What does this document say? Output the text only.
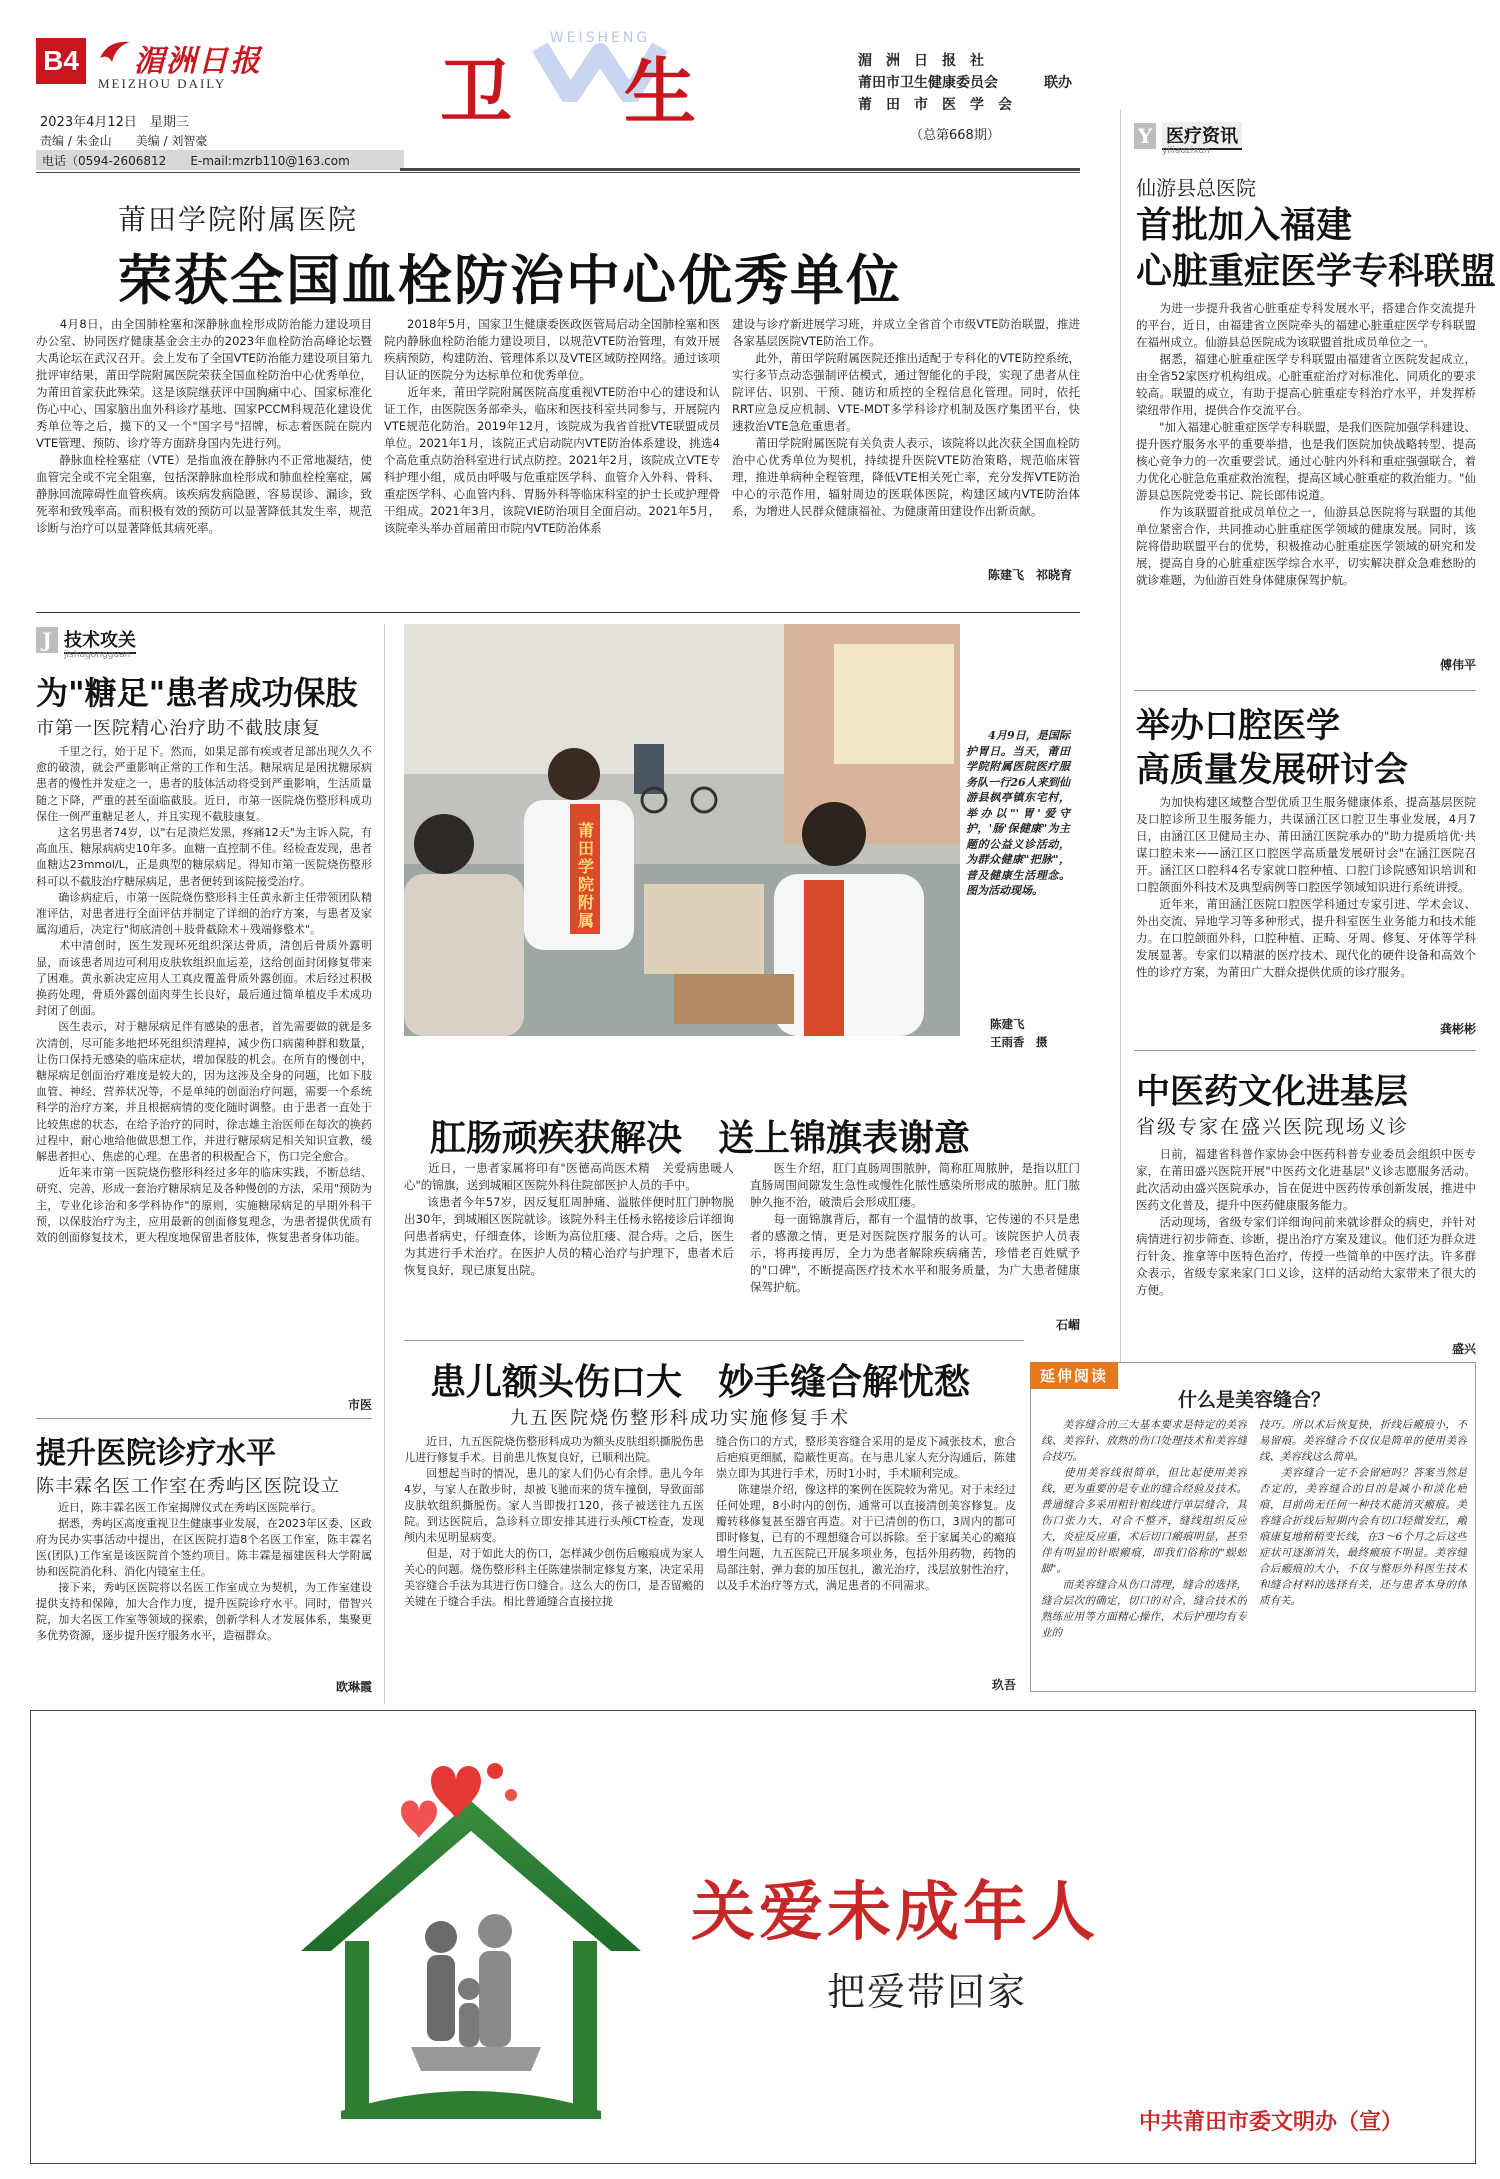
B4 湄洲日报
MEIZHOU DAILY
2023年4月12日　星期三
责编 / 朱金山　　美编 / 刘智豪
电话（0594-2606812　　E-mail:mzrb110@163.com
WEISHENG
卫　生	湄　洲　日　报　社
莆田市卫生健康委员会
莆　田　市　医　学　会
联办
（总第668期）
莆田学院附属医院
荣获全国血栓防治中心优秀单位
　　4月8日，由全国肺栓塞和深静脉血栓形成防治能力建设项目办公室、协同医疗健康基金会主办的2023年血栓防治高峰论坛暨大禹论坛在武汉召开。会上发布了全国VTE防治能力建设项目第九批评审结果，莆田学院附属医院荣获全国血栓防治中心优秀单位，为莆田首家获此殊荣。这是该院继获评中国胸痛中心、国家标准化伤心中心、国家脑出血外科诊疗基地、国家PCCM科规范化建设优秀单位等之后，揽下的又一个"国字号"招牌，标志着医院在院内VTE管理、预防、诊疗等方面跻身国内先进行列。
　　静脉血栓栓塞症（VTE）是指血液在静脉内不正常地凝结，使血管完全或不完全阻塞，包括深静脉血栓形成和肺血栓栓塞症，属静脉回流障碍性血管疾病。该疾病发病隐匿，容易误诊、漏诊，致死率和致残率高。而积极有效的预防可以显著降低其发生率，规范诊断与治疗可以显著降低其病死率。
　　2018年5月，国家卫生健康委医政医管局启动全国肺栓塞和医院内静脉血栓防治能力建设项目，以规范VTE防治管理，有效开展疾病预防，构建防治、管理体系以及VTE区域防控网络。通过该项目认证的医院分为达标单位和优秀单位。
　　近年来，莆田学院附属医院高度重视VTE防治中心的建设和认证工作，由医院医务部牵头，临床和医技科室共同参与，开展院内VTE规范化防治。2019年12月，该院成为我省首批VTE联盟成员单位。2021年1月，该院正式启动院内VTE防治体系建设，挑选4个高危重点防治科室进行试点防控。2021年2月，该院成立VTE专科护理小组，成员由呼吸与危重症医学科、血管介入外科、骨科、重症医学科、心血管内科、胃肠外科等临床科室的护士长或护理骨干组成。2021年3月，该院VIE防治项目全面启动。2021年5月，该院牵头举办首届莆田市院内VTE防治体系
建设与诊疗新进展学习班，并成立全省首个市级VTE防治联盟，推进各家基层医院VTE防治工作。
　　此外，莆田学院附属医院还推出适配于专科化的VTE防控系统，实行多节点动态强制评估模式，通过智能化的手段，实现了患者从住院评估、识别、干预、随访和质控的全程信息化管理。同时，依托RRT应急反应机制、VTE-MDT多学科诊疗机制及医疗集团平台，快速救治VTE急危重患者。
　　莆田学院附属医院有关负责人表示，该院将以此次获全国血栓防治中心优秀单位为契机，持续提升医院VTE防治策略，规范临床管理，推进单病种全程管理，降低VTE相关死亡率，充分发挥VTE防治中心的示范作用，辐射周边的医联体医院，构建区域内VTE防治体系，为增进人民群众健康福祉、为健康莆田建设作出新贡献。
陈建飞　祁晓育
Y 医疗资讯
yiliaozixun
仙游县总医院
首批加入福建
心脏重症医学专科联盟
　　为进一步提升我省心脏重症专科发展水平，搭建合作交流提升的平台，近日，由福建省立医院牵头的福建心脏重症医学专科联盟在福州成立。仙游县总医院成为该联盟首批成员单位之一。
　　据悉，福建心脏重症医学专科联盟由福建省立医院发起成立，由全省52家医疗机构组成。心脏重症治疗对标准化、同质化的要求较高。联盟的成立，有助于提高心脏重症专科治疗水平，并发挥桥梁纽带作用，提供合作交流平台。
　　"加入福建心脏重症医学专科联盟，是我们医院加强学科建设、提升医疗服务水平的重要举措，也是我们医院加快战略转型、提高核心竞争力的一次重要尝试。通过心脏内外科和重症强强联合，着力优化心脏急危重症救治流程，提高区域心脏重症的救治能力。"仙游县总医院党委书记、院长郎伟说道。
　　作为该联盟首批成员单位之一，仙游县总医院将与联盟的其他单位紧密合作，共同推动心脏重症医学领域的健康发展。同时，该院将借助联盟平台的优势，积极推动心脏重症医学领域的研究和发展，提高自身的心脏重症医学综合水平，切实解决群众急难愁盼的就诊难题，为仙游百姓身体健康保驾护航。
傅伟平
举办口腔医学
高质量发展研讨会
　　为加快构建区域整合型优质卫生服务健康体系，提高基层医院及口腔诊所卫生服务能力，共谋涵江区口腔卫生事业发展，4月7日，由涵江区卫健局主办、莆田涵江医院承办的"助力提质培优·共谋口腔未来——涵江区口腔医学高质量发展研讨会"在涵江医院召开。涵江区口腔科4名专家就口腔种植、口腔门诊院感知识培训和口腔颌面外科技术及典型病例等口腔医学领域知识进行系统讲授。
　　近年来，莆田涵江医院口腔医学科通过专家引进、学术会议、外出交流、异地学习等多种形式，提升科室医生业务能力和技术能力。在口腔颌面外科，口腔种植、正畸、牙周、修复、牙体等学科发展显著。专家们以精湛的医疗技术、现代化的硬件设备和高效个性的诊疗方案，为莆田广大群众提供优质的诊疗服务。
龚彬彬
中医药文化进基层
省级专家在盛兴医院现场义诊
　　日前，福建省科普作家协会中医药科普专业委员会组织中医专家，在莆田盛兴医院开展"中医药文化进基层"义诊志愿服务活动。此次活动由盛兴医院承办，旨在促进中医药传承创新发展，推进中医药文化普及，提升中医药健康服务能力。
　　活动现场，省级专家们详细询问前来就诊群众的病史，并针对病情进行初步筛查、诊断，提出治疗方案及建议。他们还为群众进行针灸、推拿等中医特色治疗，传授一些简单的中医疗法。许多群众表示，省级专家来家门口义诊，这样的活动给大家带来了很大的方便。
盛兴
J 技术攻关
jishugongguan
为"糖足"患者成功保肢
市第一医院精心治疗助不截肢康复
　　千里之行，始于足下。然而，如果足部有疾或者足部出现久久不愈的破溃，就会严重影响正常的工作和生活。糖尿病足是困扰糖尿病患者的慢性并发症之一，患者的肢体活动将受到严重影响，生活质量随之下降，严重的甚至面临截肢。近日，市第一医院烧伤整形科成功保住一例严重糖足老人，并且实现不截肢康复。
　　这名男患者74岁，以"右足溃烂发黑，疼痛12天"为主诉入院，有高血压、糖尿病病史10年多。血糖一直控制不佳。经检查发现，患者血糖达23mmol/L，正是典型的糖尿病足。得知市第一医院烧伤整形科可以不截肢治疗糖尿病足，患者便转到该院接受治疗。
　　确诊病症后，市第一医院烧伤整形科主任黄永新主任带领团队精准评估，对患者进行全面评估并制定了详细的治疗方案，与患者及家属沟通后，决定行"彻底清创＋肢骨截除术＋残端修整术"。
　　术中清创时，医生发现坏死组织深达骨质，清创后骨质外露明显，而该患者周边可利用皮肤软组织血运差，这给创面封闭修复带来了困难。黄永新决定应用人工真皮覆盖骨质外露创面。术后经过积极换药处理，骨质外露创面肉芽生长良好，最后通过简单植皮手术成功封闭了创面。
　　医生表示，对于糖尿病足伴有感染的患者，首先需要做的就是多次清创，尽可能多地把坏死组织清理掉，减少伤口病菌种群和数量，让伤口保持无感染的临床症状，增加保肢的机会。在所有的慢创中，糖尿病足创面治疗难度是较大的，因为这涉及全身的问题，比如下肢血管、神经、营养状况等，不是单纯的创面治疗问题，需要一个系统科学的治疗方案，并且根据病情的变化随时调整。由于患者一直处于比较焦虑的状态，在给予治疗的同时，徐志雄主治医师在每次的换药过程中，耐心地给他做思想工作，并进行糖尿病足相关知识宣教，缓解患者担心、焦虑的心理。在患者的积极配合下，伤口完全愈合。
　　近年来市第一医院烧伤整形科经过多年的临床实践，不断总结、研究、完善，形成一套治疗糖尿病足及各种慢创的方法，采用"预防为主，专业化诊治和多学科协作"的原则，实施糖尿病足的早期外科干预，以保肢治疗为主，应用最新的创面修复理念，为患者提供优质有效的创面修复技术，更大程度地保留患者肢体，恢复患者身体功能。
市医
提升医院诊疗水平
陈丰霖名医工作室在秀屿区医院设立
　　近日，陈丰霖名医工作室揭牌仪式在秀屿区医院举行。
　　据悉，秀屿区高度重视卫生健康事业发展，在2023年区委、区政府为民办实事活动中提出，在区医院打造8个名医工作室，陈丰霖名医(团队)工作室是该医院首个签约项目。陈丰霖是福建医科大学附属协和医院消化科、消化内镜室主任。
　　接下来，秀屿区医院将以名医工作室成立为契机，为工作室建设提供支持和保障，加大合作力度，提升医院诊疗水平。同时，借智兴院，加大名医工作室等领域的探索，创新学科人才发展体系，集聚更多优势资源，逐步提升医疗服务水平，造福群众。
欧琳霞
莆田学院附属
　　4月9日，是国际护胃日。当天，莆田学院附属医院医疗服务队一行26人来到仙游县枫亭镇东宅村，举办以"'胃'爱守护，'肠'保健康"为主题的公益义诊活动，为群众健康"把脉"，普及健康生活理念。图为活动现场。
陈建飞
王雨香　摄
肛肠顽疾获解决　送上锦旗表谢意
　　近日，一患者家属将印有"医德高尚医术精　关爱病患暖人心"的锦旗，送到城厢区医院外科住院部医护人员的手中。
　　该患者今年57岁，因反复肛周肿痛、溢脓伴便时肛门肿物脱出30年，到城厢区医院就诊。该院外科主任杨永铭接诊后详细询问患者病史，仔细查体，诊断为高位肛瘘、混合痔。之后，医生为其进行手术治疗。在医护人员的精心治疗与护理下，患者术后恢复良好，现已康复出院。
　　医生介绍，肛门直肠周围脓肿，简称肛周脓肿，是指以肛门直肠周围间隙发生急性或慢性化脓性感染所形成的脓肿。肛门脓肿久拖不治，破溃后会形成肛瘘。
　　每一面锦旗背后，都有一个温情的故事，它传递的不只是患者的感激之情，更是对医院医疗服务的认可。该院医护人员表示，将再接再厉，全力为患者解除疾病痛苦，珍惜老百姓赋予的"口碑"，不断提高医疗技术水平和服务质量，为广大患者健康保驾护航。
石嵋
患儿额头伤口大　妙手缝合解忧愁
九五医院烧伤整形科成功实施修复手术
　　近日，九五医院烧伤整形科成功为额头皮肤组织撕脱伤患儿进行修复手术。目前患儿恢复良好，已顺利出院。
　　回想起当时的情况，患儿的家人们仍心有余悸。患儿今年4岁，与家人在散步时，却被飞驰而来的货车撞倒，导致面部皮肤软组织撕脱伤。家人当即拨打120，孩子被送往九五医院。到达医院后，急诊科立即安排其进行头颅CT检查，发现颅内未见明显病变。
　　但是，对于如此大的伤口，怎样减少创伤后瘢痕成为家人关心的问题。烧伤整形科主任陈建崇制定修复方案，决定采用美容缝合手法为其进行伤口缝合。这么大的伤口，是否留瘢的关键在于缝合手法。相比普通缝合直接拉拢
缝合伤口的方式，整形美容缝合采用的是皮下减张技术，愈合后疤痕更细腻，隐蔽性更高。在与患儿家人充分沟通后，陈建崇立即为其进行手术，历时1小时，手术顺利完成。
　　陈建崇介绍，像这样的案例在医院较为常见。对于未经过任何处理，8小时内的创伤，通常可以直接清创美容修复。皮瓣转移修复甚至器官再造。对于已清创的伤口，3周内的都可即时修复，已有的不理想缝合可以拆除。至于家属关心的瘢痕增生问题，九五医院已开展多项业务，包括外用药物，药物的局部注射，弹力套的加压包扎，激光治疗，浅层放射性治疗，以及手术治疗等方式，满足患者的不同需求。
玖吾
延伸阅读
什么是美容缝合？
　　美容缝合的三大基本要求是特定的美容线、美容针、放熟的伤口处理技术和美容缝合技巧。
　　使用美容线很简单，但比起使用美容线，更为重要的是专业的缝合经验及技术。普通缝合多采用粗针粗线进行单层缝合，其伤口张力大，对合不整齐，缝线组织反应大，炎症反应重，术后切口瘢痕明显，甚至伴有明显的针眼瘢痕，即我们俗称的"蜈蚣脚"。
　　而美容缝合从伤口清理，缝合的选择，缝合层次的确定，切口的对合，缝合技术的熟练应用等方面精心操作，术后护理均有专业的
技巧。所以术后恢复快，折线后瘢痕小，不易留痕。美容缝合不仅仅是简单的使用美容线、美容线这么简单。
　　美容缝合一定不会留疤吗？答案当然是否定的，美容缝合的目的是减小和淡化疤痕，目前尚无任何一种技术能消灭瘢痕。美容缝合折线后短期内会有切口轻微发红，瘢痕康复地稍稍变长线，在3～6个月之后这些症状可逐渐消失，最终瘢痕不明显。美容缝合后瘢痕的大小，不仅与整形外科医生技术和缝合材料的选择有关，还与患者本身的体质有关。
关爱未成年人
把爱带回家
中共莆田市委文明办（宣）
